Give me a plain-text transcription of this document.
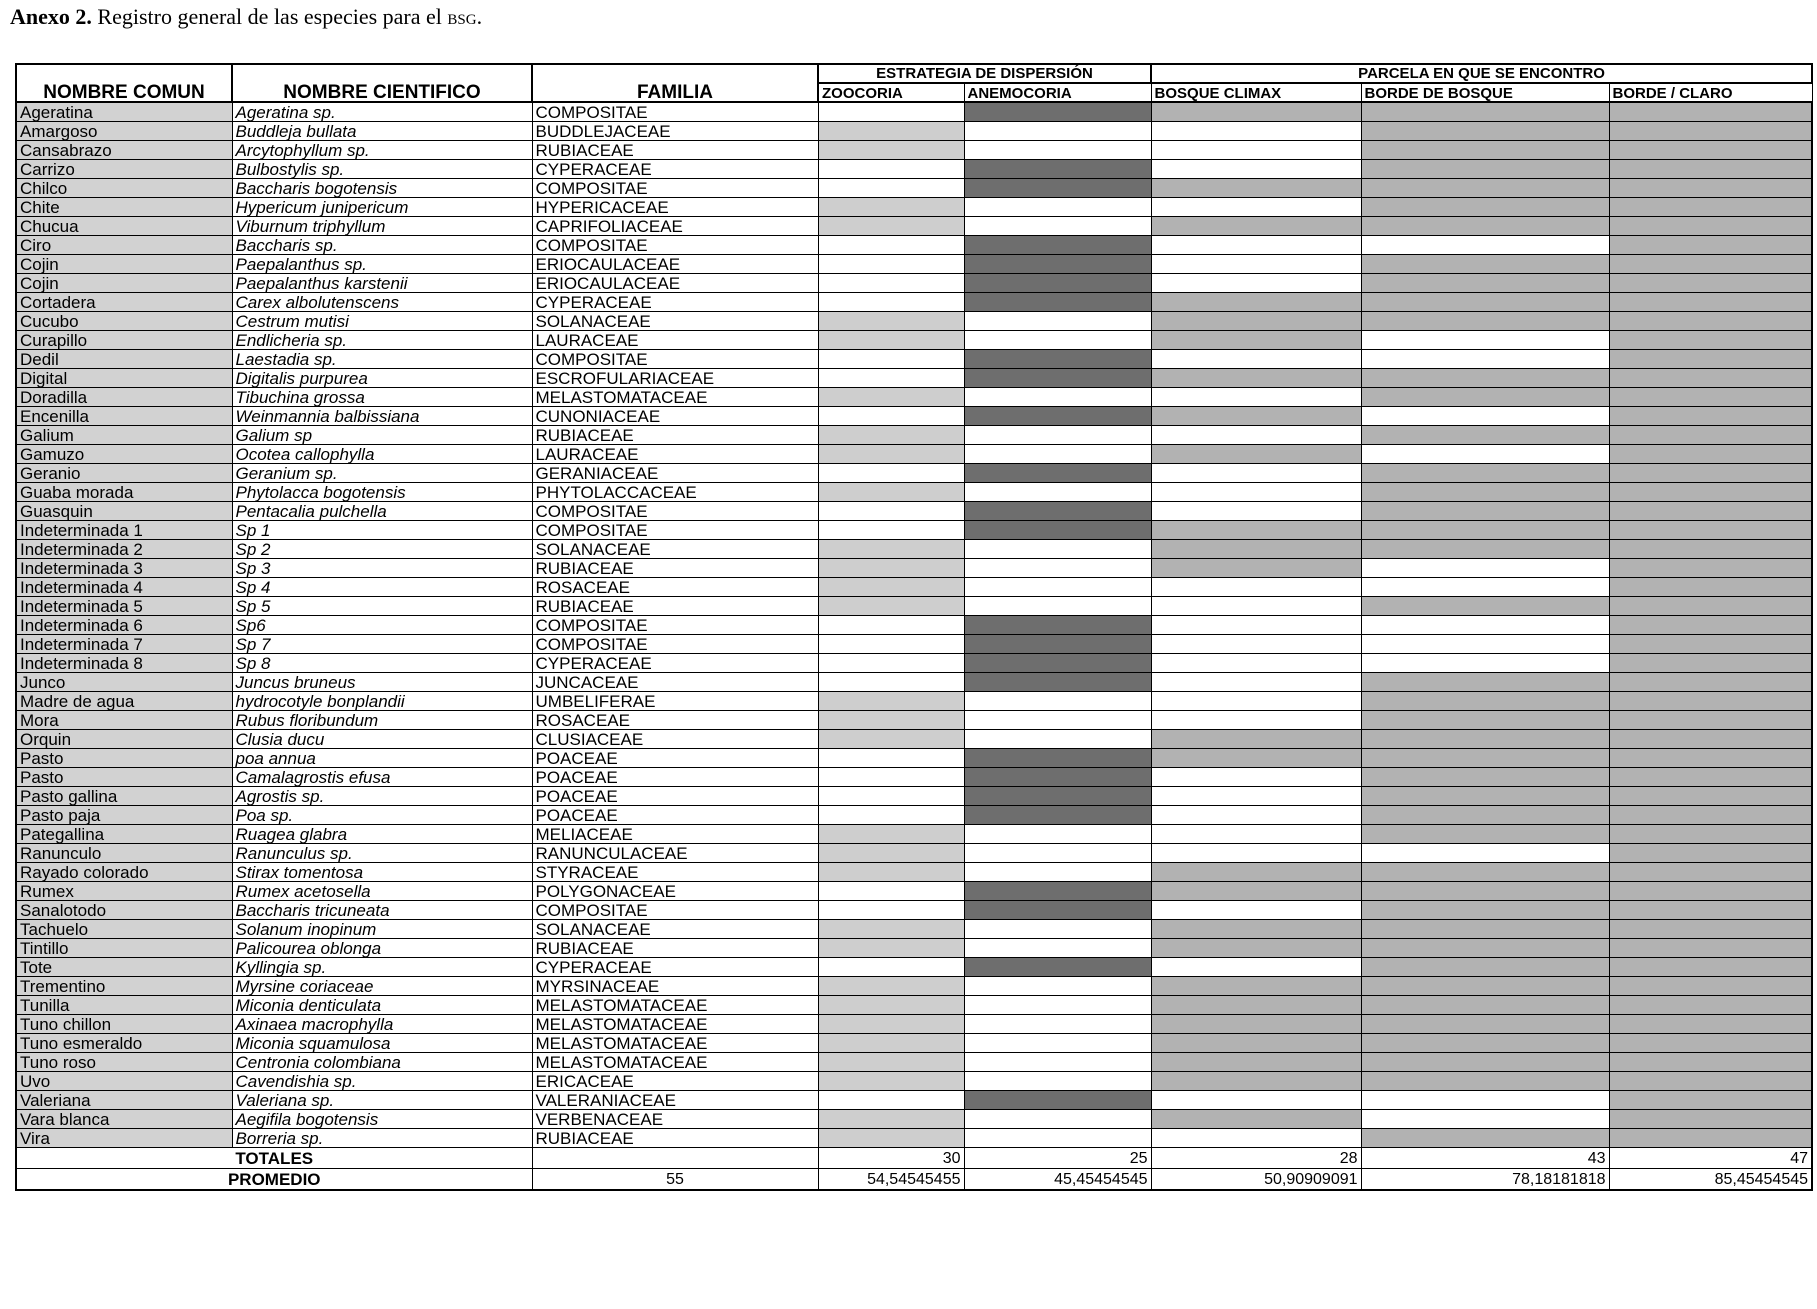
Anexo 2. Registro general de las especies para el bsg.
NOMBRE COMUN	NOMBRE CIENTIFICO	FAMILIA	ESTRATEGIA DE DISPERSIÓN		PARCELA EN QUE SE ENCONTRO		
			ZOOCORIA	ANEMOCORIA	BOSQUE CLIMAX	BORDE DE BOSQUE	BORDE / CLARO
Ageratina	Ageratina sp.	COMPOSITAE					
Amargoso	Buddleja bullata	BUDDLEJACEAE					
Cansabrazo	Arcytophyllum sp.	RUBIACEAE					
Carrizo	Bulbostylis sp.	CYPERACEAE					
Chilco	Baccharis bogotensis	COMPOSITAE					
Chite	Hypericum junipericum	HYPERICACEAE					
Chucua	Viburnum triphyllum	CAPRIFOLIACEAE					
Ciro	Baccharis sp.	COMPOSITAE					
Cojin	Paepalanthus sp.	ERIOCAULACEAE					
Cojin	Paepalanthus karstenii	ERIOCAULACEAE					
Cortadera	Carex albolutenscens	CYPERACEAE					
Cucubo	Cestrum mutisi	SOLANACEAE					
Curapillo	Endlicheria sp.	LAURACEAE					
Dedil	Laestadia sp.	COMPOSITAE					
Digital	Digitalis purpurea	ESCROFULARIACEAE					
Doradilla	Tibuchina grossa	MELASTOMATACEAE					
Encenilla	Weinmannia balbissiana	CUNONIACEAE					
Galium	Galium sp	RUBIACEAE					
Gamuzo	Ocotea callophylla	LAURACEAE					
Geranio	Geranium sp.	GERANIACEAE					
Guaba morada	Phytolacca bogotensis	PHYTOLACCACEAE					
Guasquin	Pentacalia pulchella	COMPOSITAE					
Indeterminada 1	Sp 1	COMPOSITAE					
Indeterminada 2	Sp 2	SOLANACEAE					
Indeterminada 3	Sp 3	RUBIACEAE					
Indeterminada 4	Sp 4	ROSACEAE					
Indeterminada 5	Sp 5	RUBIACEAE					
Indeterminada 6	Sp6	COMPOSITAE					
Indeterminada 7	Sp 7	COMPOSITAE					
Indeterminada 8	Sp 8	CYPERACEAE					
Junco	Juncus bruneus	JUNCACEAE					
Madre de agua	hydrocotyle bonplandii	UMBELIFERAE					
Mora	Rubus floribundum	ROSACEAE					
Orquin	Clusia ducu	CLUSIACEAE					
Pasto	poa annua	POACEAE					
Pasto	Camalagrostis efusa	POACEAE					
Pasto gallina	Agrostis sp.	POACEAE					
Pasto paja	Poa sp.	POACEAE					
Pategallina	Ruagea glabra	MELIACEAE					
Ranunculo	Ranunculus sp.	RANUNCULACEAE					
Rayado colorado	Stirax tomentosa	STYRACEAE					
Rumex	Rumex acetosella	POLYGONACEAE					
Sanalotodo	Baccharis tricuneata	COMPOSITAE					
Tachuelo	Solanum inopinum	SOLANACEAE					
Tintillo	Palicourea oblonga	RUBIACEAE					
Tote	Kyllingia sp.	CYPERACEAE					
Trementino	Myrsine coriaceae	MYRSINACEAE					
Tunilla	Miconia denticulata	MELASTOMATACEAE					
Tuno chillon	Axinaea macrophylla	MELASTOMATACEAE					
Tuno esmeraldo	Miconia squamulosa	MELASTOMATACEAE					
Tuno roso	Centronia colombiana	MELASTOMATACEAE					
Uvo	Cavendishia sp.	ERICACEAE					
Valeriana	Valeriana sp.	VALERANIACEAE					
Vara blanca	Aegifila bogotensis	VERBENACEAE					
Vira	Borreria sp.	RUBIACEAE					
TOTALES			30	25	28	43	47
PROMEDIO		55	54,54545455	45,45454545	50,90909091	78,18181818	85,45454545
